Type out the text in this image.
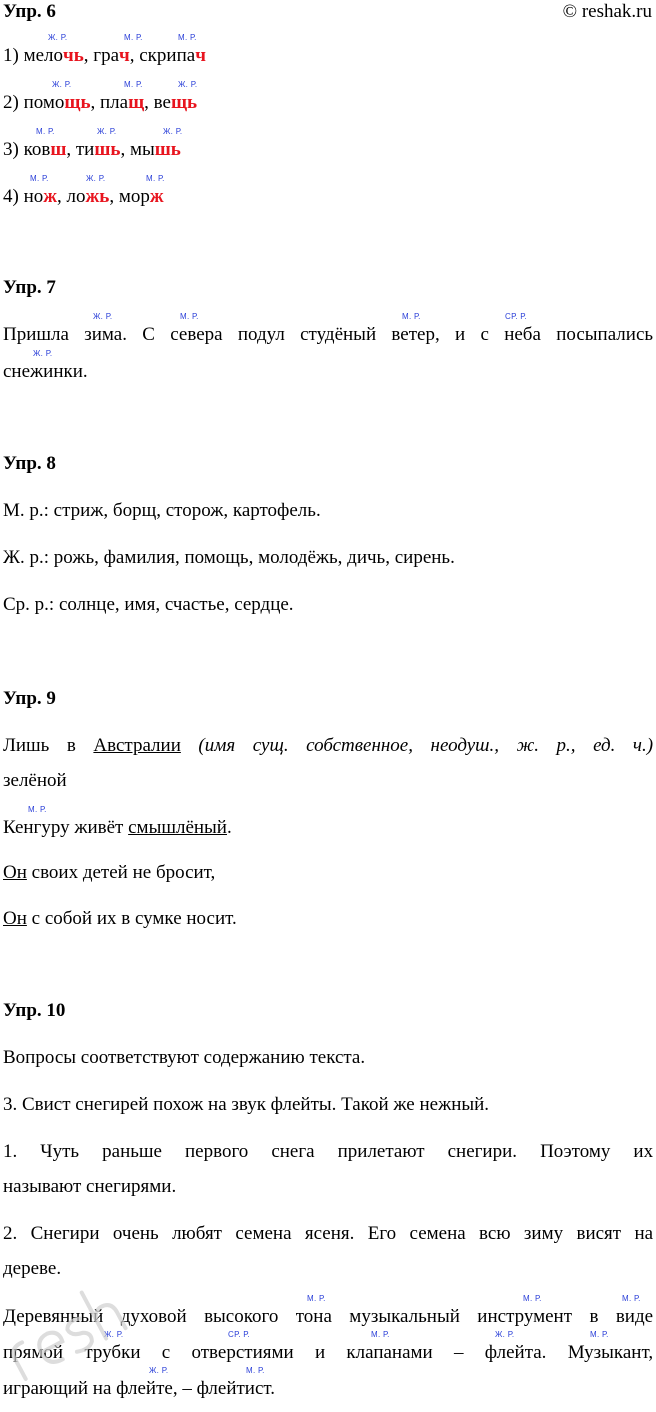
Упр. 6	© reshak.ru
Ж. Р.	М. Р.	М. Р.
1) мелочь, грач, скрипач
Ж. Р.	М. Р.	Ж. Р.
2) помощь, плащ, вещь
М. Р.	Ж. Р.	Ж. Р.
3) ковш, тишь, мышь
М. Р.	Ж. Р.	М. Р.
4) нож, ложь, морж
Упр. 7
Ж. Р.	М. Р.	М. Р.	СР. Р.
Пришла зима. С севера подул студёный ветер, и с неба посыпались
Ж. Р.
снежинки.
Упр. 8
М. р.: стриж, борщ, сторож, картофель.
Ж. р.: рожь, фамилия, помощь, молодёжь, дичь, сирень.
Ср. р.: солнце, имя, счастье, сердце.
Упр. 9
Лишь в Австралии (имя сущ. собственное, неодуш., ж. р., ед. ч.)
зелёной
М. Р.
Кенгуру живёт смышлёный.
Он своих детей не бросит,
Он с собой их в сумке носит.
Упр. 10
Вопросы соответствуют содержанию текста.
3. Свист снегирей похож на звук флейты. Такой же нежный.
1. Чуть раньше первого снега прилетают снегири. Поэтому их
называют снегирями.
2. Снегири очень любят семена ясеня. Его семена всю зиму висят на
дереве.
М. Р.	М. Р.	М. Р.
Деревянный духовой высокого тона музыкальный инструмент в виде
Ж. Р.	СР. Р.	М. Р.	Ж. Р.	М. Р.
прямой трубки с отверстиями и клапанами – флейта. Музыкант,
Ж. Р.	М. Р.
играющий на флейте, – флейтист.
